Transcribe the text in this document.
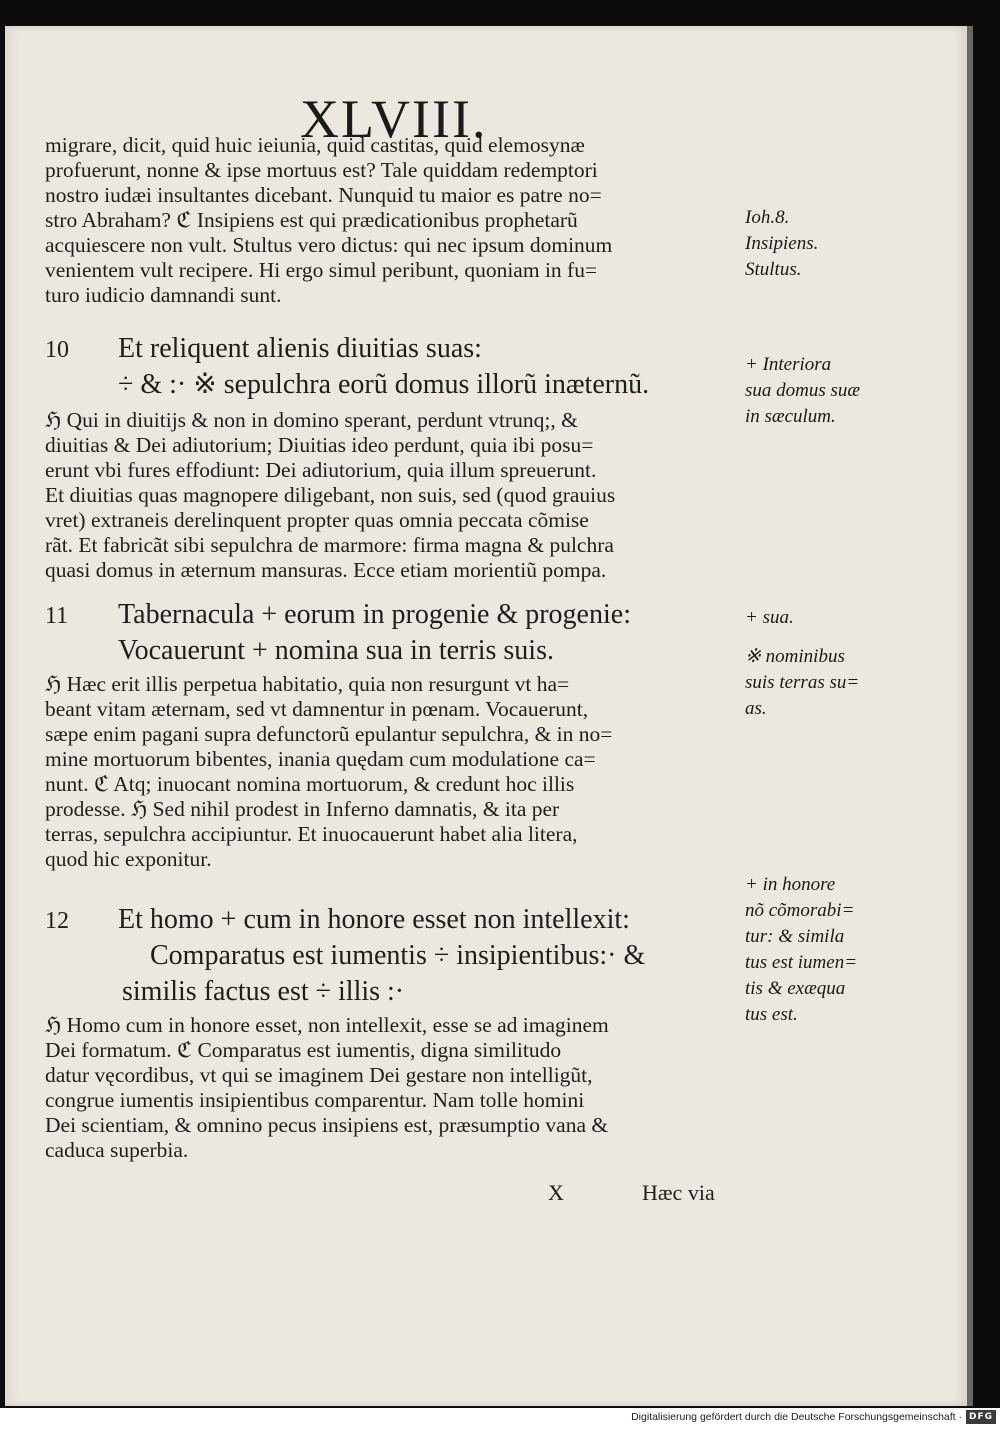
XLVIII.
migrare, dicit, quid huic ieiunia, quid castitas, quid elemosynæ
profuerunt, nonne & ipse mortuus est? Tale quiddam redemptori
nostro iudæi insultantes dicebant. Nunquid tu maior es patre no=
stro Abraham? ℭ Insipiens est qui prædicationibus prophetarũ
acquiescere non vult. Stultus vero dictus: qui nec ipsum dominum
venientem vult recipere. Hi ergo simul peribunt, quoniam in fu=
turo iudicio damnandi sunt.
10 Et reliquent alienis diuitias suas:
÷ & :· ※ sepulchra eorũ domus illorũ inæternũ.
ℌ Qui in diuitijs & non in domino sperant, perdunt vtrunq;, &
diuitias & Dei adiutorium; Diuitias ideo perdunt, quia ibi posu=
erunt vbi fures effodiunt: Dei adiutorium, quia illum spreuerunt.
Et diuitias quas magnopere diligebant, non suis, sed (quod grauius
vret) extraneis derelinquent propter quas omnia peccata cõmise
rãt. Et fabricãt sibi sepulchra de marmore: firma magna & pulchra
quasi domus in æternum mansuras. Ecce etiam morientiũ pompa.
11 Tabernacula + eorum in progenie & progenie:
Vocauerunt + nomina sua in terris suis.
ℌ Hæc erit illis perpetua habitatio, quia non resurgunt vt ha=
beant vitam æternam, sed vt damnentur in pœnam. Vocauerunt,
sæpe enim pagani supra defunctorũ epulantur sepulchra, & in no=
mine mortuorum bibentes, inania quędam cum modulatione ca=
nunt. ℭ Atq; inuocant nomina mortuorum, & credunt hoc illis
prodesse. ℌ Sed nihil prodest in Inferno damnatis, & ita per
terras, sepulchra accipiuntur. Et inuocauerunt habet alia litera,
quod hic exponitur.
12 Et homo + cum in honore esset non intellexit:
Comparatus est iumentis ÷ insipientibus:· &
similis factus est ÷ illis :·
ℌ Homo cum in honore esset, non intellexit, esse se ad imaginem
Dei formatum. ℭ Comparatus est iumentis, digna similitudo
datur vęcordibus, vt qui se imaginem Dei gestare non intelligũt,
congrue iumentis insipientibus comparentur. Nam tolle homini
Dei scientiam, & omnino pecus insipiens est, præsumptio vana &
caduca superbia.
X	Hæc via
Ioh.8.
Insipiens.
Stultus.
+ Interiora
sua domus suæ
in sæculum.
+ sua.
※ nominibus
suis terras su=
as.
+ in honore
nõ cõmorabi=
tur: & simila
tus est iumen=
tis & exæqua
tus est.
Digitalisierung gefördert durch die Deutsche Forschungsgemeinschaft · DFG
